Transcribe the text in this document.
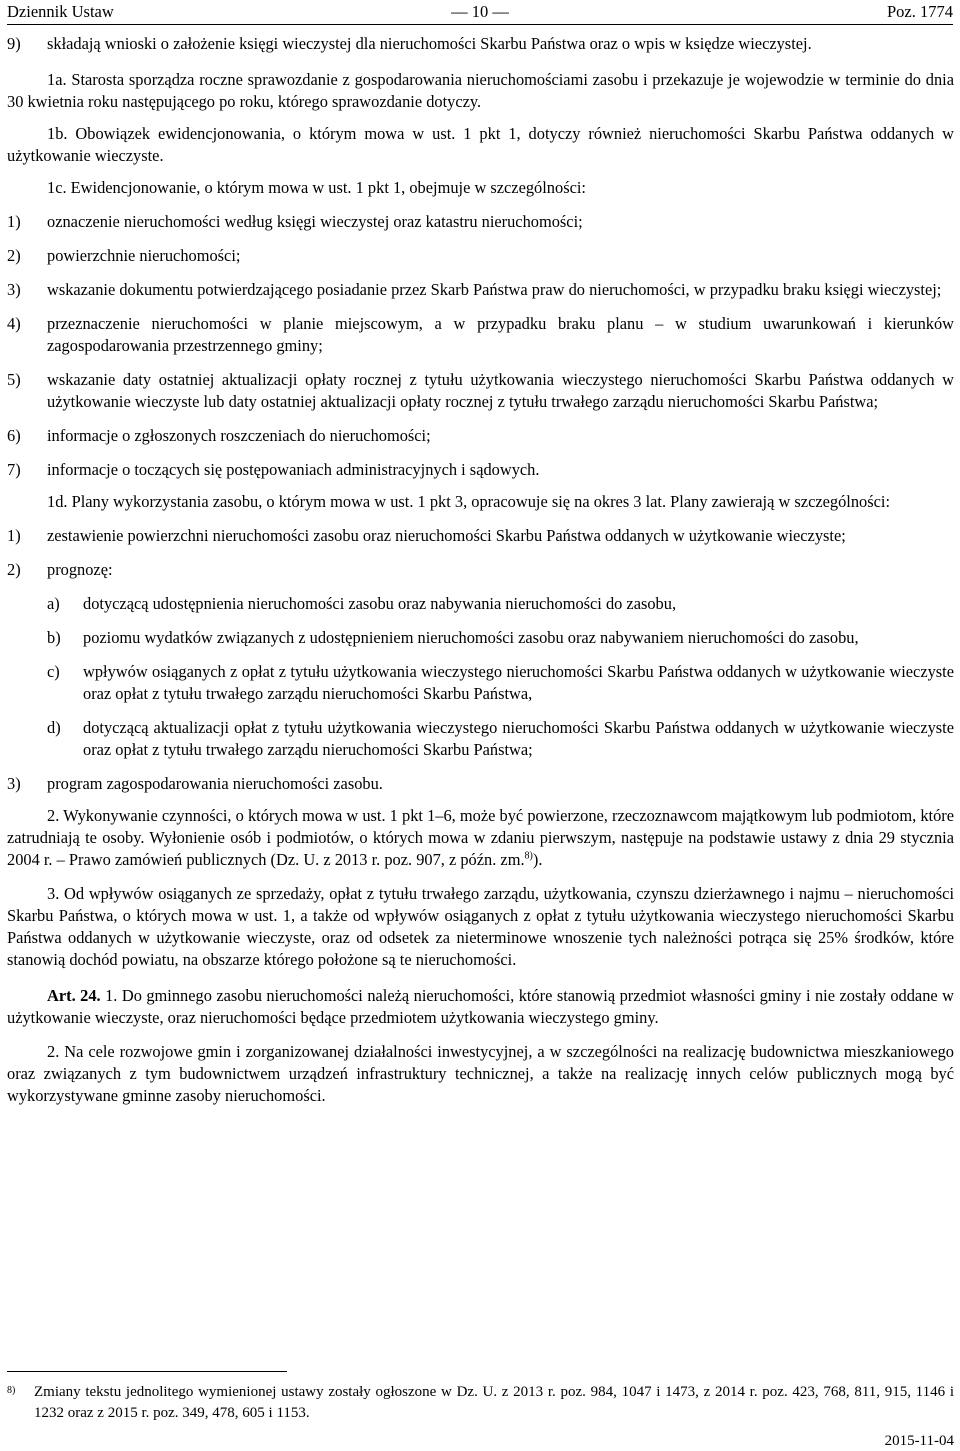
Dziennik Ustaw	— 10 —	Poz. 1774

9) składają wnioski o założenie księgi wieczystej dla nieruchomości Skarbu Państwa oraz o wpis w księdze wieczystej.

1a. Starosta sporządza roczne sprawozdanie z gospodarowania nieruchomościami zasobu i przekazuje je wojewodzie w terminie do dnia 30 kwietnia roku następującego po roku, którego sprawozdanie dotyczy.

1b. Obowiązek ewidencjonowania, o którym mowa w ust. 1 pkt 1, dotyczy również nieruchomości Skarbu Państwa oddanych w użytkowanie wieczyste.

1c. Ewidencjonowanie, o którym mowa w ust. 1 pkt 1, obejmuje w szczególności:

1) oznaczenie nieruchomości według księgi wieczystej oraz katastru nieruchomości;

2) powierzchnie nieruchomości;

3) wskazanie dokumentu potwierdzającego posiadanie przez Skarb Państwa praw do nieruchomości, w przypadku braku księgi wieczystej;

4) przeznaczenie nieruchomości w planie miejscowym, a w przypadku braku planu – w studium uwarunkowań i kierunków zagospodarowania przestrzennego gminy;

5) wskazanie daty ostatniej aktualizacji opłaty rocznej z tytułu użytkowania wieczystego nieruchomości Skarbu Państwa oddanych w użytkowanie wieczyste lub daty ostatniej aktualizacji opłaty rocznej z tytułu trwałego zarządu nieruchomości Skarbu Państwa;

6) informacje o zgłoszonych roszczeniach do nieruchomości;

7) informacje o toczących się postępowaniach administracyjnych i sądowych.

1d. Plany wykorzystania zasobu, o którym mowa w ust. 1 pkt 3, opracowuje się na okres 3 lat. Plany zawierają w szczególności:

1) zestawienie powierzchni nieruchomości zasobu oraz nieruchomości Skarbu Państwa oddanych w użytkowanie wieczyste;

2) prognozę:

a) dotyczącą udostępnienia nieruchomości zasobu oraz nabywania nieruchomości do zasobu,

b) poziomu wydatków związanych z udostępnieniem nieruchomości zasobu oraz nabywaniem nieruchomości do zasobu,

c) wpływów osiąganych z opłat z tytułu użytkowania wieczystego nieruchomości Skarbu Państwa oddanych w użytkowanie wieczyste oraz opłat z tytułu trwałego zarządu nieruchomości Skarbu Państwa,

d) dotyczącą aktualizacji opłat z tytułu użytkowania wieczystego nieruchomości Skarbu Państwa oddanych w użytkowanie wieczyste oraz opłat z tytułu trwałego zarządu nieruchomości Skarbu Państwa;

3) program zagospodarowania nieruchomości zasobu.

2. Wykonywanie czynności, o których mowa w ust. 1 pkt 1–6, może być powierzone, rzeczoznawcom majątkowym lub podmiotom, które zatrudniają te osoby. Wyłonienie osób i podmiotów, o których mowa w zdaniu pierwszym, następuje na podstawie ustawy z dnia 29 stycznia 2004 r. – Prawo zamówień publicznych (Dz. U. z 2013 r. poz. 907, z późn. zm.$^{8)}$).

3. Od wpływów osiąganych ze sprzedaży, opłat z tytułu trwałego zarządu, użytkowania, czynszu dzierżawnego i najmu – nieruchomości Skarbu Państwa, o których mowa w ust. 1, a także od wpływów osiąganych z opłat z tytułu użytkowania wieczystego nieruchomości Skarbu Państwa oddanych w użytkowanie wieczyste, oraz od odsetek za nieterminowe wnoszenie tych należności potrąca się 25% środków, które stanowią dochód powiatu, na obszarze którego położone są te nieruchomości.

Art. 24. 1. Do gminnego zasobu nieruchomości należą nieruchomości, które stanowią przedmiot własności gminy i nie zostały oddane w użytkowanie wieczyste, oraz nieruchomości będące przedmiotem użytkowania wieczystego gminy.

2. Na cele rozwojowe gmin i zorganizowanej działalności inwestycyjnej, a w szczególności na realizację budownictwa mieszkaniowego oraz związanych z tym budownictwem urządzeń infrastruktury technicznej, a także na realizację innych celów publicznych mogą być wykorzystywane gminne zasoby nieruchomości.

8)	Zmiany tekstu jednolitego wymienionej ustawy zostały ogłoszone w Dz. U. z 2013 r. poz. 984, 1047 i 1473, z 2014 r. poz. 423, 768, 811, 915, 1146 i 1232 oraz z 2015 r. poz. 349, 478, 605 i 1153.
2015-11-04
